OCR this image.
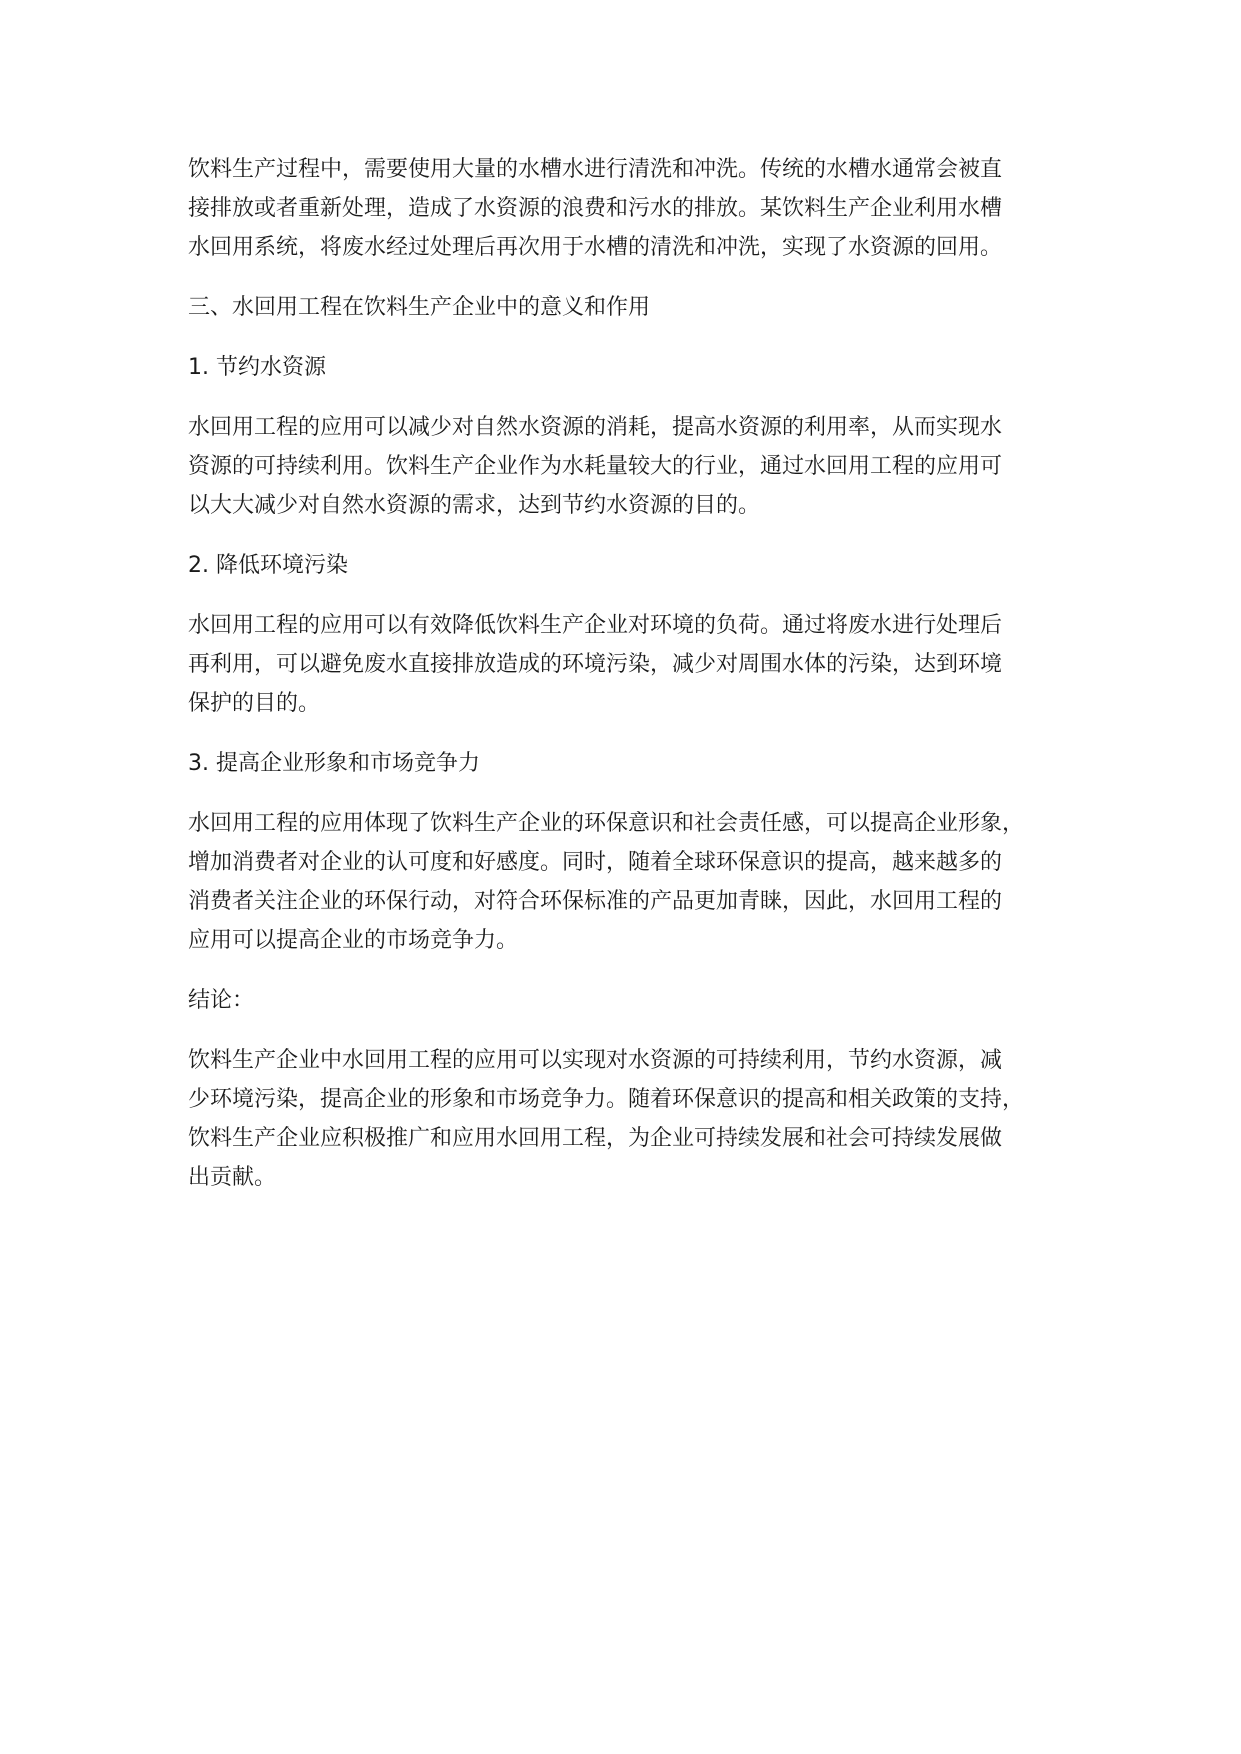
饮料生产过程中，需要使用大量的水槽水进行清洗和冲洗。传统的水槽水通常会被直
接排放或者重新处理，造成了水资源的浪费和污水的排放。某饮料生产企业利用水槽
水回用系统，将废水经过处理后再次用于水槽的清洗和冲洗，实现了水资源的回用。
三、水回用工程在饮料生产企业中的意义和作用
1. 节约水资源
水回用工程的应用可以减少对自然水资源的消耗，提高水资源的利用率，从而实现水
资源的可持续利用。饮料生产企业作为水耗量较大的行业，通过水回用工程的应用可
以大大减少对自然水资源的需求，达到节约水资源的目的。
2. 降低环境污染
水回用工程的应用可以有效降低饮料生产企业对环境的负荷。通过将废水进行处理后
再利用，可以避免废水直接排放造成的环境污染，减少对周围水体的污染，达到环境
保护的目的。
3. 提高企业形象和市场竞争力
水回用工程的应用体现了饮料生产企业的环保意识和社会责任感，可以提高企业形象，
增加消费者对企业的认可度和好感度。同时，随着全球环保意识的提高，越来越多的
消费者关注企业的环保行动，对符合环保标准的产品更加青睐，因此，水回用工程的
应用可以提高企业的市场竞争力。
结论：
饮料生产企业中水回用工程的应用可以实现对水资源的可持续利用，节约水资源，减
少环境污染，提高企业的形象和市场竞争力。随着环保意识的提高和相关政策的支持，
饮料生产企业应积极推广和应用水回用工程，为企业可持续发展和社会可持续发展做
出贡献。
